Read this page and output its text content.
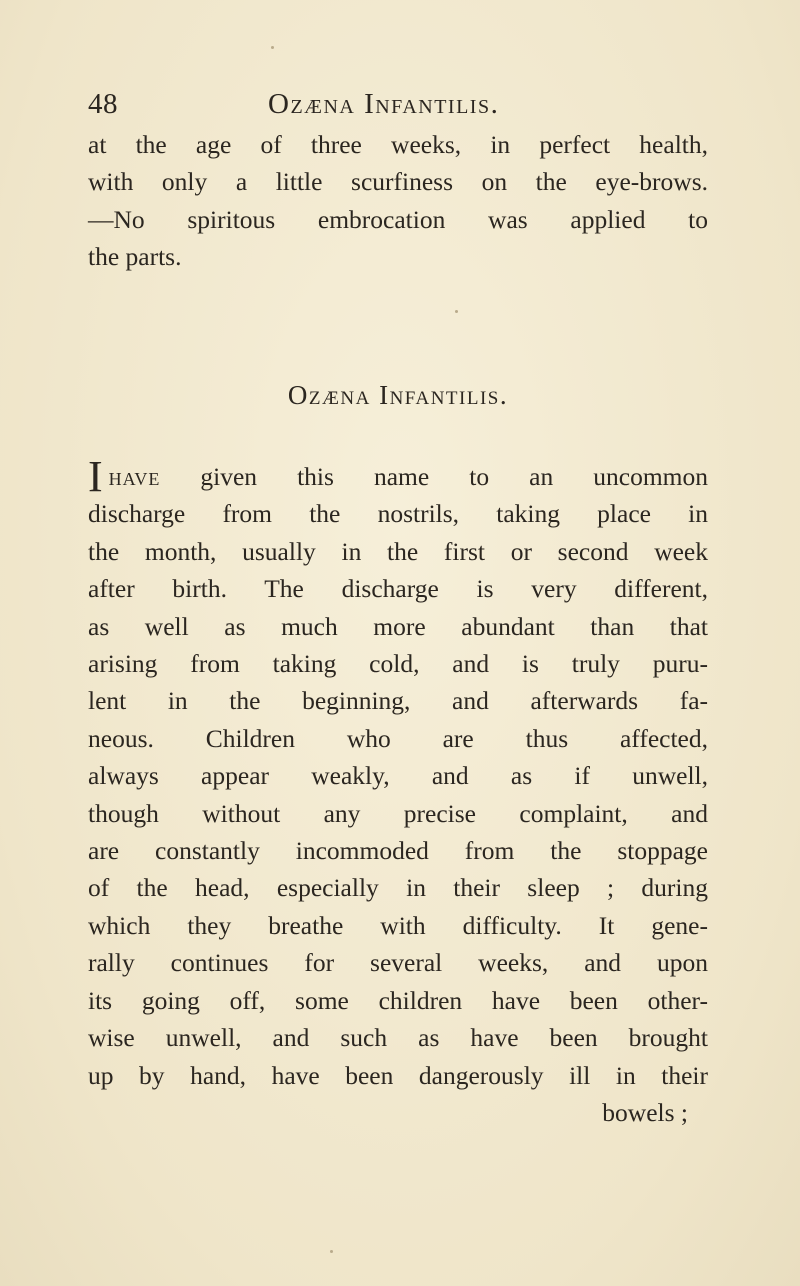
48	Ozæna Infantilis.
at the age of three weeks, in perfect health,
with only a little scurfiness on the eye-brows.
—No spiritous embrocation was applied to
the parts.
Ozæna Infantilis.
Ihave given this name to an uncommon
discharge from the nostrils, taking place in
the month, usually in the first or second week
after birth. The discharge is very different,
as well as much more abundant than that
arising from taking cold, and is truly puru-
lent in the beginning, and afterwards fa-
neous. Children who are thus affected,
always appear weakly, and as if unwell,
though without any precise complaint, and
are constantly incommoded from the stoppage
of the head, especially in their sleep ; during
which they breathe with difficulty. It gene-
rally continues for several weeks, and upon
its going off, some children have been other-
wise unwell, and such as have been brought
up by hand, have been dangerously ill in their
bowels ;
